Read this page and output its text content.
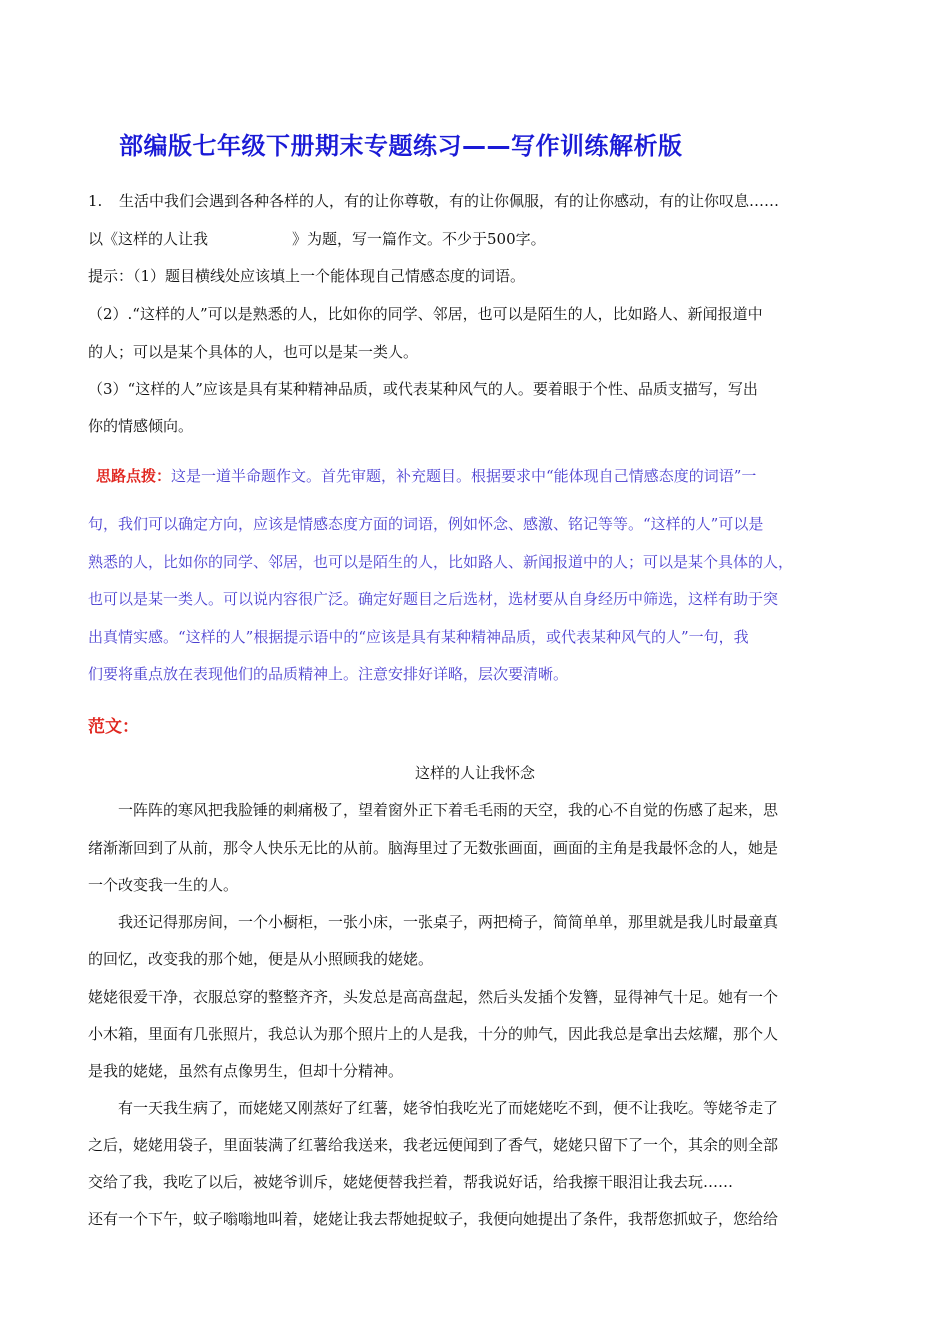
部编版七年级下册期末专题练习——写作训练解析版
1. 生活中我们会遇到各种各样的人，有的让你尊敬，有的让你佩服，有的让你感动，有的让你叹息……
以《这样的人让我	》为题，写一篇作文。不少于500字。
提示：（1）题目横线处应该填上一个能体现自己情感态度的词语。
（2）.“这样的人”可以是熟悉的人，比如你的同学、邻居，也可以是陌生的人，比如路人、新闻报道中
的人；可以是某个具体的人，也可以是某一类人。
（3）“这样的人”应该是具有某种精神品质，或代表某种风气的人。要着眼于个性、品质支描写，写出
你的情感倾向。
思路点拨：这是一道半命题作文。首先审题，补充题目。根据要求中“能体现自己情感态度的词语”一
句，我们可以确定方向，应该是情感态度方面的词语，例如怀念、感激、铭记等等。“这样的人”可以是
熟悉的人，比如你的同学、邻居，也可以是陌生的人，比如路人、新闻报道中的人；可以是某个具体的人，
也可以是某一类人。可以说内容很广泛。确定好题目之后选材，选材要从自身经历中筛选，这样有助于突
出真情实感。“这样的人”根据提示语中的“应该是具有某种精神品质，或代表某种风气的人”一句，我
们要将重点放在表现他们的品质精神上。注意安排好详略，层次要清晰。
范文：
这样的人让我怀念
一阵阵的寒风把我脸锤的刺痛极了，望着窗外正下着毛毛雨的天空，我的心不自觉的伤感了起来，思
绪渐渐回到了从前，那令人快乐无比的从前。脑海里过了无数张画面，画面的主角是我最怀念的人，她是
一个改变我一生的人。
我还记得那房间，一个小橱柜，一张小床，一张桌子，两把椅子，简简单单，那里就是我儿时最童真
的回忆，改变我的那个她，便是从小照顾我的姥姥。
姥姥很爱干净，衣服总穿的整整齐齐，头发总是高高盘起，然后头发插个发簪，显得神气十足。她有一个
小木箱，里面有几张照片，我总认为那个照片上的人是我，十分的帅气，因此我总是拿出去炫耀，那个人
是我的姥姥，虽然有点像男生，但却十分精神。
有一天我生病了，而姥姥又刚蒸好了红薯，姥爷怕我吃光了而姥姥吃不到，便不让我吃。等姥爷走了
之后，姥姥用袋子，里面装满了红薯给我送来，我老远便闻到了香气，姥姥只留下了一个，其余的则全部
交给了我，我吃了以后，被姥爷训斥，姥姥便替我拦着，帮我说好话，给我擦干眼泪让我去玩……
还有一个下午，蚊子嗡嗡地叫着，姥姥让我去帮她捉蚊子，我便向她提出了条件，我帮您抓蚊子，您给给
